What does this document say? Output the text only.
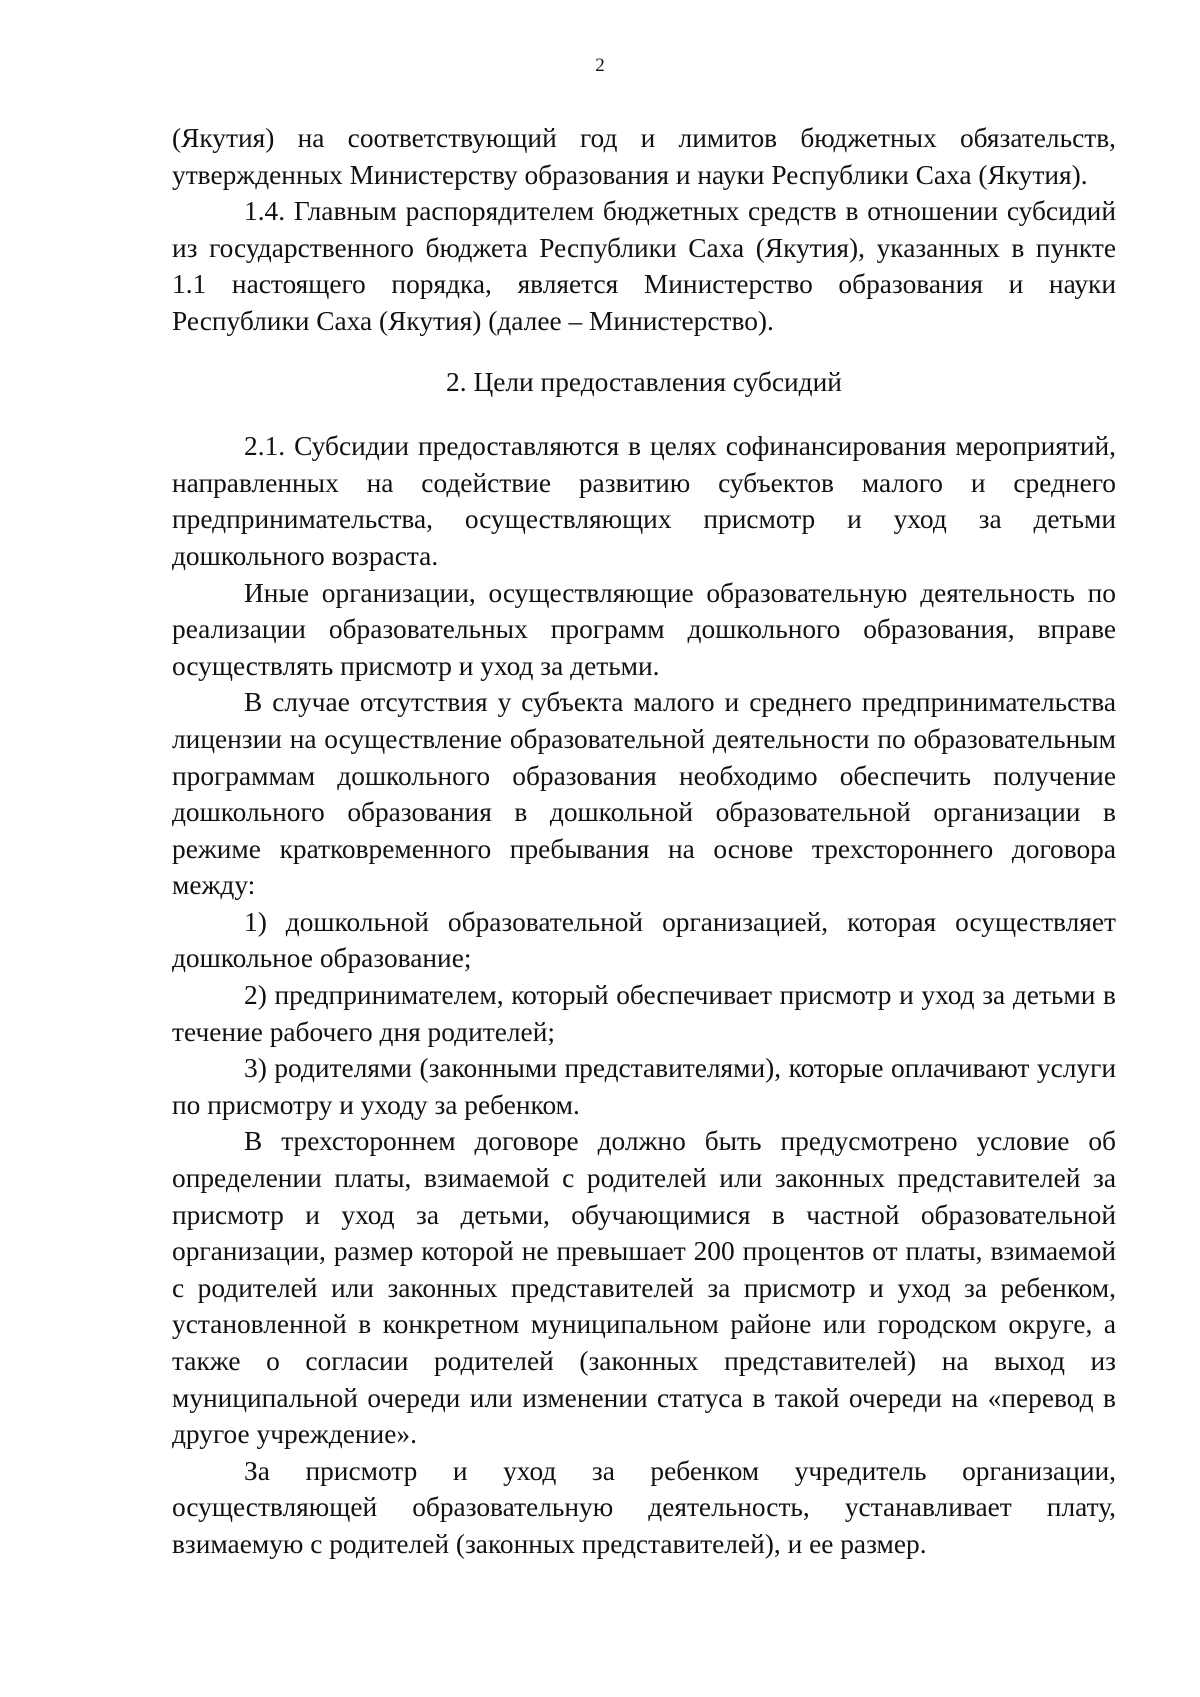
2

(Якутия) на соответствующий год и лимитов бюджетных обязательств, утвержденных Министерству образования и науки Республики Саха (Якутия).

1.4. Главным распорядителем бюджетных средств в отношении субсидий из государственного бюджета Республики Саха (Якутия), указанных в пункте 1.1 настоящего порядка, является Министерство образования и науки Республики Саха (Якутия) (далее – Министерство).

2. Цели предоставления субсидий

2.1. Субсидии предоставляются в целях софинансирования мероприятий, направленных на содействие развитию субъектов малого и среднего предпринимательства, осуществляющих присмотр и уход за детьми дошкольного возраста.

Иные организации, осуществляющие образовательную деятельность по реализации образовательных программ дошкольного образования, вправе осуществлять присмотр и уход за детьми.

В случае отсутствия у субъекта малого и среднего предпринимательства лицензии на осуществление образовательной деятельности по образовательным программам дошкольного образования необходимо обеспечить получение дошкольного образования в дошкольной образовательной организации в режиме кратковременного пребывания на основе трехстороннего договора между:

1) дошкольной образовательной организацией, которая осуществляет дошкольное образование;

2) предпринимателем, который обеспечивает присмотр и уход за детьми в течение рабочего дня родителей;

3) родителями (законными представителями), которые оплачивают услуги по присмотру и уходу за ребенком.

В трехстороннем договоре должно быть предусмотрено условие об определении платы, взимаемой с родителей или законных представителей за присмотр и уход за детьми, обучающимися в частной образовательной организации, размер которой не превышает 200 процентов от платы, взимаемой с родителей или законных представителей за присмотр и уход за ребенком, установленной в конкретном муниципальном районе или городском округе, а также о согласии родителей (законных представителей) на выход из муниципальной очереди или изменении статуса в такой очереди на «перевод в другое учреждение».

За присмотр и уход за ребенком учредитель организации, осуществляющей образовательную деятельность, устанавливает плату, взимаемую с родителей (законных представителей), и ее размер.
